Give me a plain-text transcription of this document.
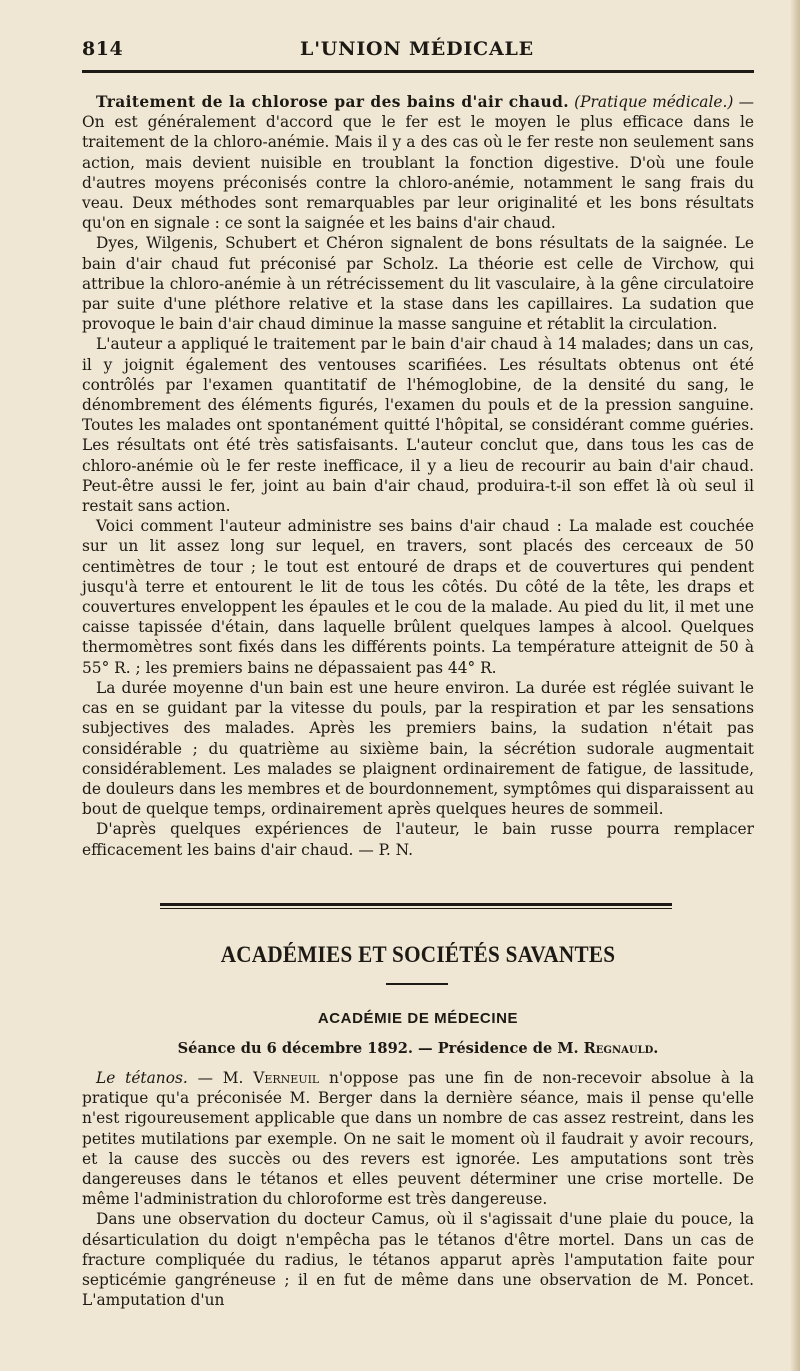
814	L'UNION MÉDICALE

Traitement de la chlorose par des bains d'air chaud. (Pratique médicale.) — On est généralement d'accord que le fer est le moyen le plus efficace dans le traitement de la chloro-anémie. Mais il y a des cas où le fer reste non seulement sans action, mais devient nuisible en troublant la fonction digestive. D'où une foule d'autres moyens préconisés contre la chloro-anémie, notamment le sang frais du veau. Deux méthodes sont remarquables par leur originalité et les bons résultats qu'on en signale : ce sont la saignée et les bains d'air chaud.

Dyes, Wilgenis, Schubert et Chéron signalent de bons résultats de la saignée. Le bain d'air chaud fut préconisé par Scholz. La théorie est celle de Virchow, qui attribue la chloro-anémie à un rétrécissement du lit vasculaire, à la gêne circulatoire par suite d'une pléthore relative et la stase dans les capillaires. La sudation que provoque le bain d'air chaud diminue la masse sanguine et rétablit la circulation.

L'auteur a appliqué le traitement par le bain d'air chaud à 14 malades; dans un cas, il y joignit également des ventouses scarifiées. Les résultats obtenus ont été contrôlés par l'examen quantitatif de l'hémoglobine, de la densité du sang, le dénombrement des éléments figurés, l'examen du pouls et de la pression sanguine. Toutes les malades ont spontanément quitté l'hôpital, se considérant comme guéries. Les résultats ont été très satisfaisants. L'auteur conclut que, dans tous les cas de chloro-anémie où le fer reste inefficace, il y a lieu de recourir au bain d'air chaud. Peut-être aussi le fer, joint au bain d'air chaud, produira-t-il son effet là où seul il restait sans action.

Voici comment l'auteur administre ses bains d'air chaud : La malade est couchée sur un lit assez long sur lequel, en travers, sont placés des cerceaux de 50 centimètres de tour ; le tout est entouré de draps et de couvertures qui pendent jusqu'à terre et entourent le lit de tous les côtés. Du côté de la tête, les draps et couvertures enveloppent les épaules et le cou de la malade. Au pied du lit, il met une caisse tapissée d'étain, dans laquelle brûlent quelques lampes à alcool. Quelques thermomètres sont fixés dans les différents points. La température atteignit de 50 à 55° R. ; les premiers bains ne dépassaient pas 44° R.

La durée moyenne d'un bain est une heure environ. La durée est réglée suivant le cas en se guidant par la vitesse du pouls, par la respiration et par les sensations subjectives des malades. Après les premiers bains, la sudation n'était pas considérable ; du quatrième au sixième bain, la sécrétion sudorale augmentait considérablement. Les malades se plaignent ordinairement de fatigue, de lassitude, de douleurs dans les membres et de bourdonnement, symptômes qui disparaissent au bout de quelque temps, ordinairement après quelques heures de sommeil.

D'après quelques expériences de l'auteur, le bain russe pourra remplacer efficacement les bains d'air chaud. — P. N.

ACADÉMIES ET SOCIÉTÉS SAVANTES
ACADÉMIE DE MÉDECINE
Séance du 6 décembre 1892. — Présidence de M. Regnauld.

Le tétanos. — M. Verneuil n'oppose pas une fin de non-recevoir absolue à la pratique qu'a préconisée M. Berger dans la dernière séance, mais il pense qu'elle n'est rigoureusement applicable que dans un nombre de cas assez restreint, dans les petites mutilations par exemple. On ne sait le moment où il faudrait y avoir recours, et la cause des succès ou des revers est ignorée. Les amputations sont très dangereuses dans le tétanos et elles peuvent déterminer une crise mortelle. De même l'administration du chloroforme est très dangereuse.

Dans une observation du docteur Camus, où il s'agissait d'une plaie du pouce, la désarticulation du doigt n'empêcha pas le tétanos d'être mortel. Dans un cas de fracture compliquée du radius, le tétanos apparut après l'amputation faite pour septicémie gangréneuse ; il en fut de même dans une observation de M. Poncet. L'amputation d'un
